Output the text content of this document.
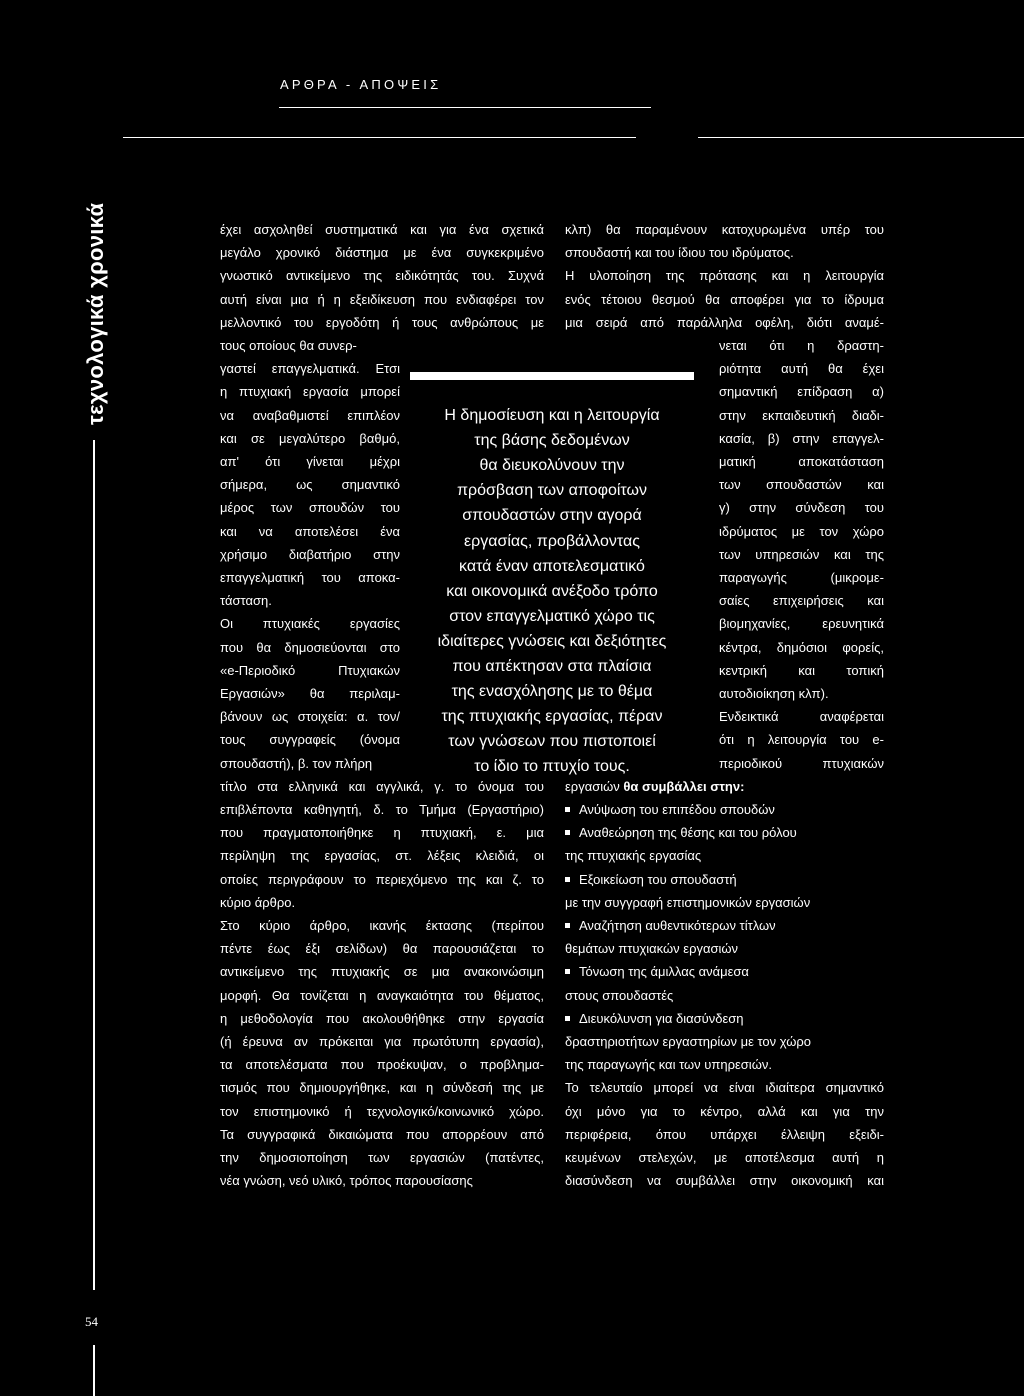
ΑΡΘΡΑ - ΑΠΟΨΕΙΣ
τεχνολογικά χρονικά
54
Η δημοσίευση και η λειτουργία
της βάσης δεδομένων
θα διευκολύνουν την
πρόσβαση των αποφοίτων
σπουδαστών στην αγορά
εργασίας, προβάλλοντας
κατά έναν αποτελεσματικό
και οικονομικά ανέξοδο τρόπο
στον επαγγελματικό χώρο τις
ιδιαίτερες γνώσεις και δεξιότητες
που απέκτησαν στα πλαίσια
της ενασχόλησης με το θέμα
της πτυχιακής εργασίας, πέραν
των γνώσεων που πιστοποιεί
το ίδιο το πτυχίο τους.
έχει ασχοληθεί συστηματικά και για ένα σχετικά
μεγάλο χρονικό διάστημα με ένα συγκεκριμένο
γνωστικό αντικείμενο της ειδικότητάς του. Συχνά
αυτή είναι μια ή η εξειδίκευση που ενδιαφέρει τον
μελλοντικό του εργοδότη ή τους ανθρώπους με
τους οποίους θα συνερ-
γαστεί επαγγελματικά. Ετσι
η πτυχιακή εργασία μπορεί
να αναβαθμιστεί επιπλέον
και σε μεγαλύτερο βαθμό,
απ' ότι γίνεται μέχρι
σήμερα, ως σημαντικό
μέρος των σπουδών του
και να αποτελέσει ένα
χρήσιμο διαβατήριο στην
επαγγελματική του αποκα-
τάσταση.
Οι πτυχιακές εργασίες
που θα δημοσιεύονται στο
«e-Περιοδικό Πτυχιακών
Εργασιών» θα περιλαμ-
βάνουν ως στοιχεία: α. τον/
τους συγγραφείς (όνομα
σπουδαστή), β. τον πλήρη
τίτλο στα ελληνικά και αγγλικά, γ. το όνομα του
επιβλέποντα καθηγητή, δ. το Τμήμα (Εργαστήριο)
που πραγματοποιήθηκε η πτυχιακή, ε. μια
περίληψη της εργασίας, στ. λέξεις κλειδιά, οι
οποίες περιγράφουν το περιεχόμενο της και ζ. το
κύριο άρθρο.
Στο κύριο άρθρο, ικανής έκτασης (περίπου
πέντε έως έξι σελίδων) θα παρουσιάζεται το
αντικείμενο της πτυχιακής σε μια ανακοινώσιμη
μορφή. Θα τονίζεται η αναγκαιότητα του θέματος,
η μεθοδολογία που ακολουθήθηκε στην εργασία
(ή έρευνα αν πρόκειται για πρωτότυπη εργασία),
τα αποτελέσματα που προέκυψαν, ο προβλημα-
τισμός που δημιουργήθηκε, και η σύνδεσή της με
τον επιστημονικό ή τεχνολογικό/κοινωνικό χώρο.
Τα συγγραφικά δικαιώματα που απορρέουν από
την δημοσιοποίηση των εργασιών (πατέντες,
νέα γνώση, νεό υλικό, τρόπος παρουσίασης
κλπ) θα παραμένουν κατοχυρωμένα υπέρ του
σπουδαστή και του ίδιου του ιδρύματος.
Η υλοποίηση της πρότασης και η λειτουργία
ενός τέτοιου θεσμού θα αποφέρει για το ίδρυμα
μια σειρά από παράλληλα οφέλη, διότι αναμέ-
νεται ότι η δραστη-
ριότητα αυτή θα έχει
σημαντική επίδραση α)
στην εκπαιδευτική διαδι-
κασία, β) στην επαγγελ-
ματική αποκατάσταση
των σπουδαστών και
γ) στην σύνδεση του
ιδρύματος με τον χώρο
των υπηρεσιών και της
παραγωγής (μικρομε-
σαίες επιχειρήσεις και
βιομηχανίες, ερευνητικά
κέντρα, δημόσιοι φορείς,
κεντρική και τοπική
αυτοδιοίκηση κλπ).
Ενδεικτικά αναφέρεται
ότι η λειτουργία του e-
περιοδικού πτυχιακών
εργασιών θα συμβάλλει στην:
Ανύψωση του επιπέδου σπουδών
Αναθεώρηση της θέσης και του ρόλου
της πτυχιακής εργασίας
Εξοικείωση του σπουδαστή
με την συγγραφή επιστημονικών εργασιών
Αναζήτηση αυθεντικότερων τίτλων
θεμάτων πτυχιακών εργασιών
Τόνωση της άμιλλας ανάμεσα
στους σπουδαστές
Διευκόλυνση για διασύνδεση
δραστηριοτήτων εργαστηρίων με τον χώρο
της παραγωγής και των υπηρεσιών.
Το τελευταίο μπορεί να είναι ιδιαίτερα σημαντικό
όχι μόνο για το κέντρο, αλλά και για την
περιφέρεια, όπου υπάρχει έλλειψη εξειδι-
κευμένων στελεχών, με αποτέλεσμα αυτή η
διασύνδεση να συμβάλλει στην οικονομική και
